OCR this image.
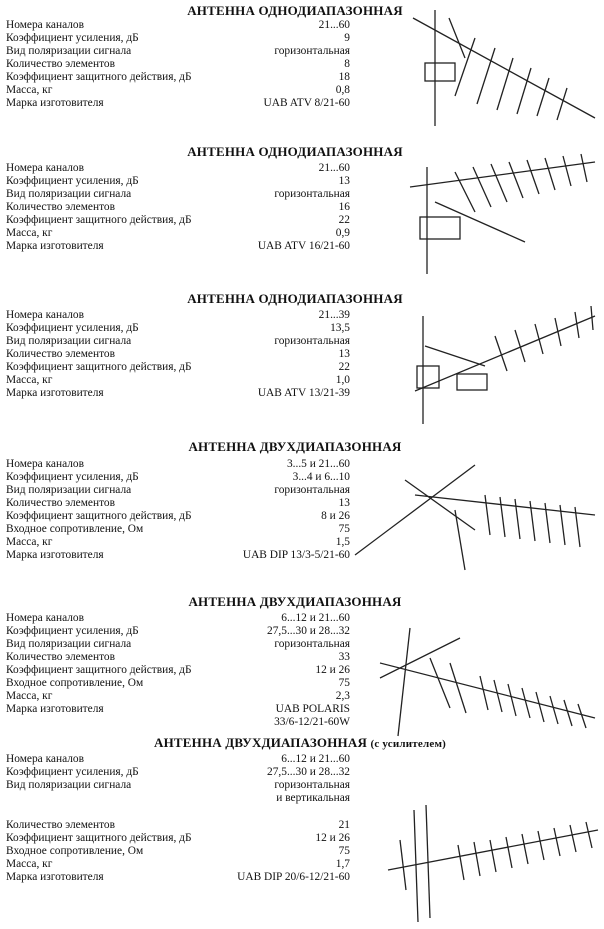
АНТЕННА ОДНОДИАПАЗОННАЯ
Номера каналов	21...60
Коэффициент усиления, дБ	9
Вид поляризации сигнала	горизонтальная
Количество элементов	8
Коэффициент защитного действия, дБ	18
Масса, кг	0,8
Марка изготовителя	UAB ATV 8/21-60
АНТЕННА ОДНОДИАПАЗОННАЯ
Номера каналов	21...60
Коэффициент усиления, дБ	13
Вид поляризации сигнала	горизонтальная
Количество элементов	16
Коэффициент защитного действия, дБ	22
Масса, кг	0,9
Марка изготовителя	UAB ATV 16/21-60
АНТЕННА ОДНОДИАПАЗОННАЯ
Номера каналов	21...39
Коэффициент усиления, дБ	13,5
Вид поляризации сигнала	горизонтальная
Количество элементов	13
Коэффициент защитного действия, дБ	22
Масса, кг	1,0
Марка изготовителя	UAB ATV 13/21-39
АНТЕННА ДВУХДИАПАЗОННАЯ
Номера каналов	3...5 и 21...60
Коэффициент усиления, дБ	3...4 и 6...10
Вид поляризации сигнала	горизонтальная
Количество элементов	13
Коэффициент защитного действия, дБ	8 и 26
Входное сопротивление, Ом	75
Масса, кг	1,5
Марка изготовителя	UAB DIP 13/3-5/21-60
АНТЕННА ДВУХДИАПАЗОННАЯ
Номера каналов	6...12 и 21...60
Коэффициент усиления, дБ	27,5...30 и 28...32
Вид поляризации сигнала	горизонтальная
Количество элементов	33
Коэффициент защитного действия, дБ	12 и 26
Входное сопротивление, Ом	75
Масса, кг	2,3
Марка изготовителя	UAB POLARIS
33/6-12/21-60W
АНТЕННА ДВУХДИАПАЗОННАЯ (с усилителем)
Номера каналов	6...12 и 21...60
Коэффициент усиления, дБ	27,5...30 и 28...32
Вид поляризации сигнала	горизонтальная
и вертикальная
Количество элементов	21
Коэффициент защитного действия, дБ	12 и 26
Входное сопротивление, Ом	75
Масса, кг	1,7
Марка изготовителя	UAB DIP 20/6-12/21-60
